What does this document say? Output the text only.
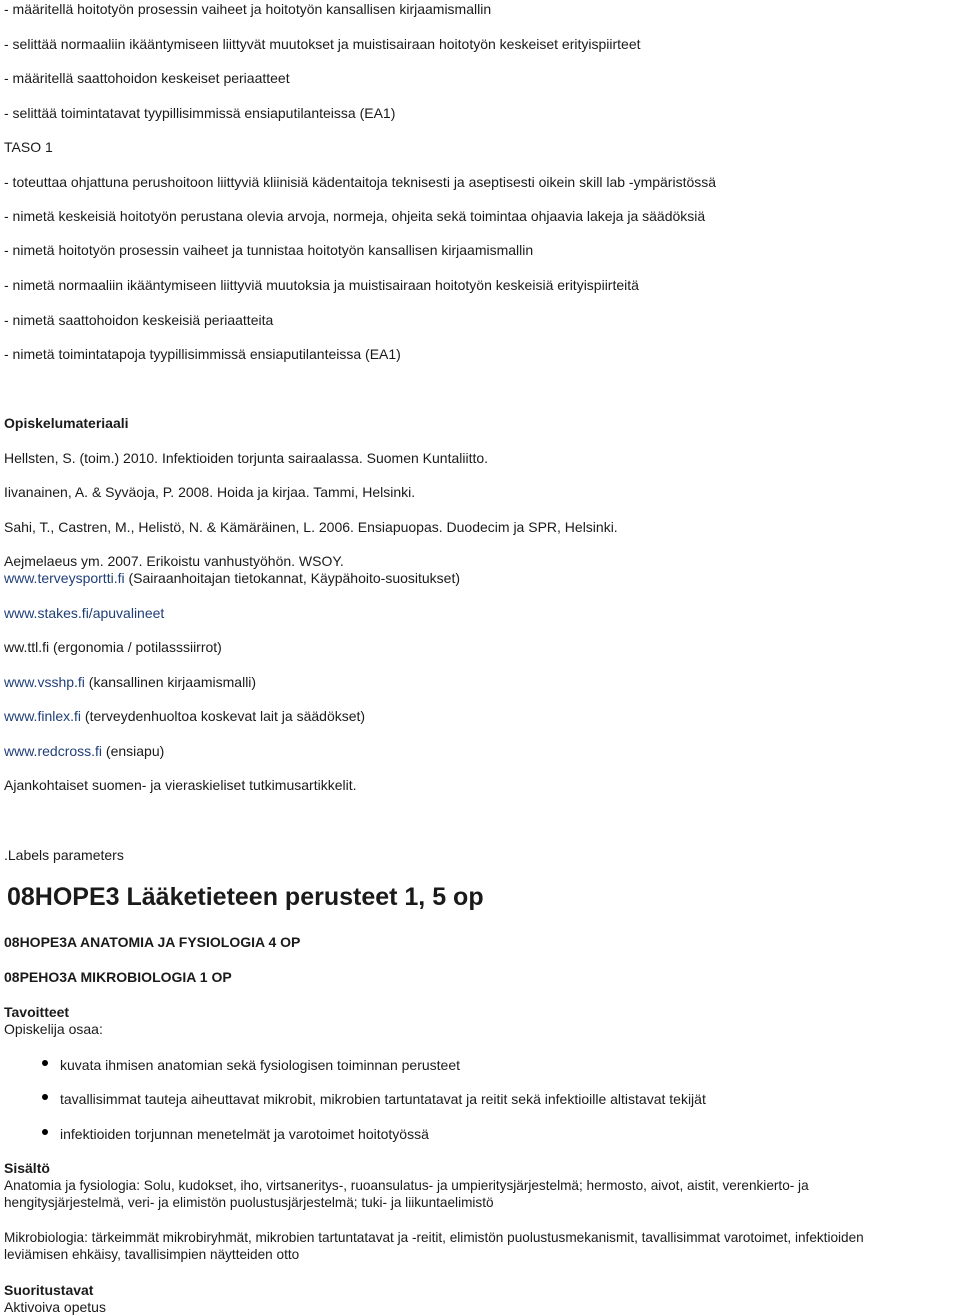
- määritellä hoitotyön prosessin vaiheet ja hoitotyön kansallisen kirjaamismallin
- selittää normaaliin ikääntymiseen liittyvät muutokset ja muistisairaan hoitotyön keskeiset erityispiirteet
- määritellä saattohoidon keskeiset periaatteet
- selittää toimintatavat tyypillisimmissä ensiaputilanteissa (EA1)
TASO 1
- toteuttaa ohjattuna perushoitoon liittyviä kliinisiä kädentaitoja teknisesti ja aseptisesti oikein skill lab -ympäristössä
- nimetä keskeisiä hoitotyön perustana olevia arvoja, normeja, ohjeita sekä toimintaa ohjaavia lakeja ja säädöksiä
- nimetä hoitotyön prosessin vaiheet ja tunnistaa hoitotyön kansallisen kirjaamismallin
- nimetä normaaliin ikääntymiseen liittyviä muutoksia ja muistisairaan hoitotyön keskeisiä erityispiirteitä
- nimetä saattohoidon keskeisiä periaatteita
- nimetä toimintatapoja tyypillisimmissä ensiaputilanteissa (EA1)
Opiskelumateriaali
Hellsten, S. (toim.) 2010. Infektioiden torjunta sairaalassa. Suomen Kuntaliitto.
Iivanainen, A. & Syväoja, P. 2008. Hoida ja kirjaa. Tammi, Helsinki.
Sahi, T., Castren, M., Helistö, N. & Kämäräinen, L. 2006. Ensiapuopas. Duodecim ja SPR, Helsinki.
Aejmelaeus ym. 2007. Erikoistu vanhustyöhön. WSOY.
www.terveysportti.fi (Sairaanhoitajan tietokannat, Käypähoito-suositukset)
www.stakes.fi/apuvalineet
ww.ttl.fi (ergonomia / potilasssiirrot)
www.vsshp.fi (kansallinen kirjaamismalli)
www.finlex.fi (terveydenhuoltoa koskevat lait ja säädökset)
www.redcross.fi (ensiapu)
Ajankohtaiset suomen- ja vieraskieliset tutkimusartikkelit.
.Labels parameters
08HOPE3 Lääketieteen perusteet 1, 5 op
08HOPE3A ANATOMIA JA FYSIOLOGIA 4 OP
08PEHO3A MIKROBIOLOGIA 1 OP
Tavoitteet
Opiskelija osaa:
kuvata ihmisen anatomian sekä fysiologisen toiminnan perusteet
tavallisimmat tauteja aiheuttavat mikrobit, mikrobien tartuntatavat ja reitit sekä infektioille altistavat tekijät
infektioiden torjunnan menetelmät ja varotoimet hoitotyössä
Sisältö
Anatomia ja fysiologia: Solu, kudokset, iho, virtsaneritys-, ruoansulatus- ja umpieritysjärjestelmä; hermosto, aivot, aistit, verenkierto- ja
hengitysjärjestelmä, veri- ja elimistön puolustusjärjestelmä; tuki- ja liikuntaelimistö
Mikrobiologia: tärkeimmät mikrobiryhmät, mikrobien tartuntatavat ja -reitit, elimistön puolustusmekanismit, tavallisimmat varotoimet, infektioiden
leviämisen ehkäisy, tavallisimpien näytteiden otto
Suoritustavat
Aktivoiva opetus
